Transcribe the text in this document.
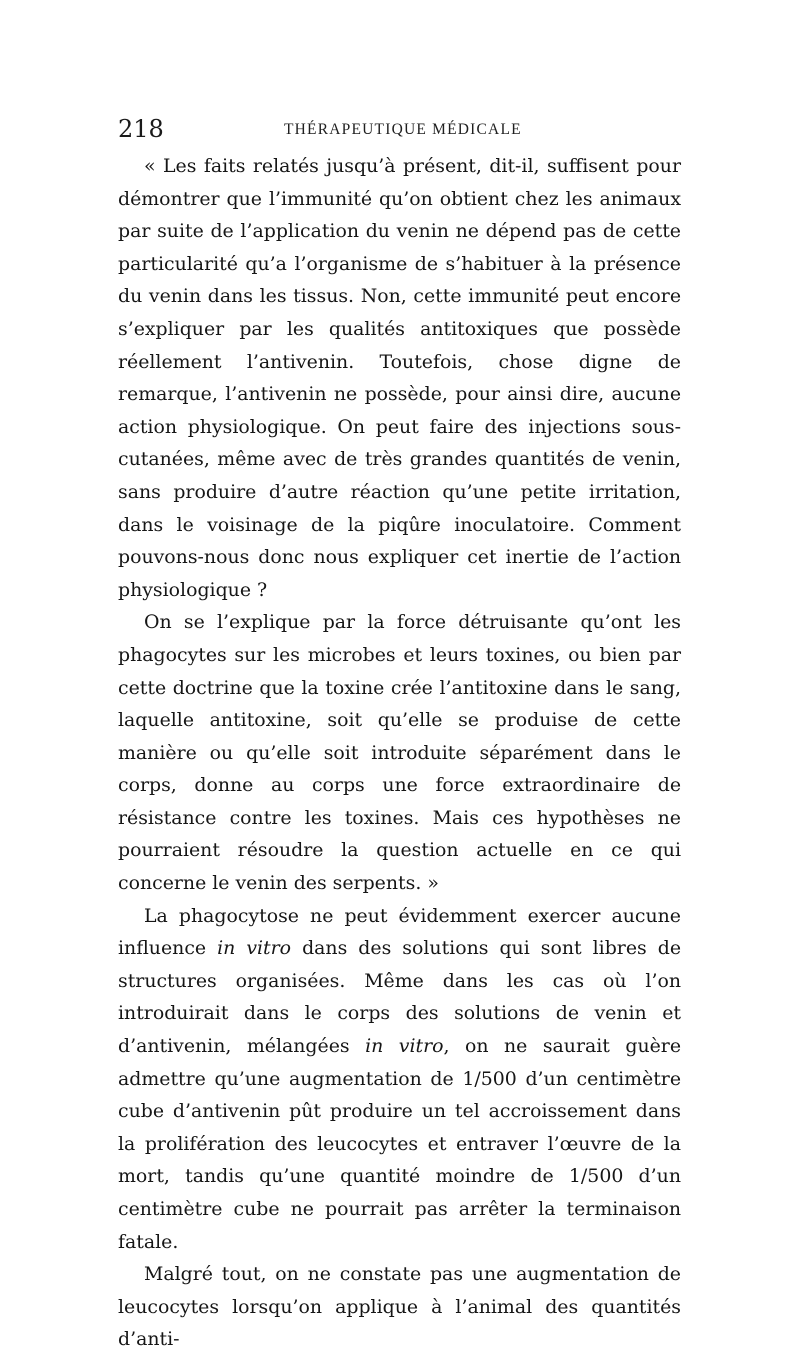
218	THÉRAPEUTIQUE MÉDICALE

« Les faits relatés jusqu’à présent, dit-il, suffisent pour démontrer que l’immunité qu’on obtient chez les animaux par suite de l’application du venin ne dépend pas de cette particularité qu’a l’organisme de s’habituer à la présence du venin dans les tissus. Non, cette immunité peut encore s’expliquer par les qualités antitoxiques que possède réellement l’antivenin. Toutefois, chose digne de remarque, l’antivenin ne possède, pour ainsi dire, aucune action physiologique. On peut faire des injections sous-cutanées, même avec de très grandes quantités de venin, sans produire d’autre réaction qu’une petite irritation, dans le voisinage de la piqûre inoculatoire. Comment pouvons-nous donc nous expliquer cet inertie de l’action physiologique ?

On se l’explique par la force détruisante qu’ont les phagocytes sur les microbes et leurs toxines, ou bien par cette doctrine que la toxine crée l’antitoxine dans le sang, laquelle antitoxine, soit qu’elle se produise de cette manière ou qu’elle soit introduite séparément dans le corps, donne au corps une force extraordinaire de résistance contre les toxines. Mais ces hypothèses ne pourraient résoudre la question actuelle en ce qui concerne le venin des serpents. »

La phagocytose ne peut évidemment exercer aucune influence in vitro dans des solutions qui sont libres de structures organisées. Même dans les cas où l’on introduirait dans le corps des solutions de venin et d’antivenin, mélangées in vitro, on ne saurait guère admettre qu’une augmentation de 1/500 d’un centimètre cube d’antivenin pût produire un tel accroissement dans la prolifération des leucocytes et entraver l’œuvre de la mort, tandis qu’une quantité moindre de 1/500 d’un centimètre cube ne pourrait pas arrêter la terminaison fatale.

Malgré tout, on ne constate pas une augmentation de leucocytes lorsqu’on applique à l’animal des quantités d’anti-
